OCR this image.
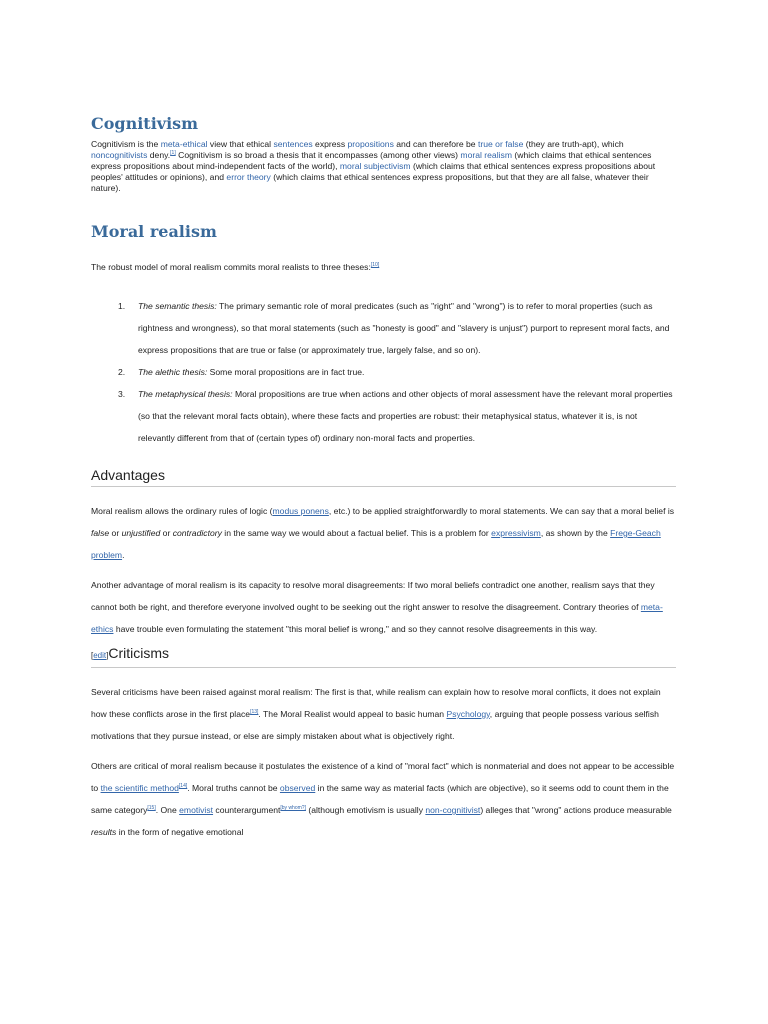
Cognitivism

Cognitivism is the meta-ethical view that ethical sentences express propositions and can therefore be true or false (they are truth-apt), which noncognitivists deny.[1] Cognitivism is so broad a thesis that it encompasses (among other views) moral realism (which claims that ethical sentences express propositions about mind-independent facts of the world), moral subjectivism (which claims that ethical sentences express propositions about peoples' attitudes or opinions), and error theory (which claims that ethical sentences express propositions, but that they are all false, whatever their nature).

Moral realism

The robust model of moral realism commits moral realists to three theses:[10]

1. The semantic thesis: The primary semantic role of moral predicates (such as "right" and "wrong") is to refer to moral properties (such as rightness and wrongness), so that moral statements (such as "honesty is good" and "slavery is unjust") purport to represent moral facts, and express propositions that are true or false (or approximately true, largely false, and so on).
2. The alethic thesis: Some moral propositions are in fact true.
3. The metaphysical thesis: Moral propositions are true when actions and other objects of moral assessment have the relevant moral properties (so that the relevant moral facts obtain), where these facts and properties are robust: their metaphysical status, whatever it is, is not relevantly different from that of (certain types of) ordinary non-moral facts and properties.
Advantages

Moral realism allows the ordinary rules of logic (modus ponens, etc.) to be applied straightforwardly to moral statements. We can say that a moral belief is false or unjustified or contradictory in the same way we would about a factual belief. This is a problem for expressivism, as shown by the Frege-Geach problem.

Another advantage of moral realism is its capacity to resolve moral disagreements: If two moral beliefs contradict one another, realism says that they cannot both be right, and therefore everyone involved ought to be seeking out the right answer to resolve the disagreement. Contrary theories of meta-ethics have trouble even formulating the statement "this moral belief is wrong," and so they cannot resolve disagreements in this way.

[edit]Criticisms

Several criticisms have been raised against moral realism: The first is that, while realism can explain how to resolve moral conflicts, it does not explain how these conflicts arose in the first place[13]. The Moral Realist would appeal to basic human Psychology, arguing that people possess various selfish motivations that they pursue instead, or else are simply mistaken about what is objectively right.

Others are critical of moral realism because it postulates the existence of a kind of "moral fact" which is nonmaterial and does not appear to be accessible to the scientific method[14]. Moral truths cannot be observed in the same way as material facts (which are objective), so it seems odd to count them in the same category[15]. One emotivist counterargument[by whom?] (although emotivism is usually non-cognitivist) alleges that "wrong" actions produce measurable results in the form of negative emotional
